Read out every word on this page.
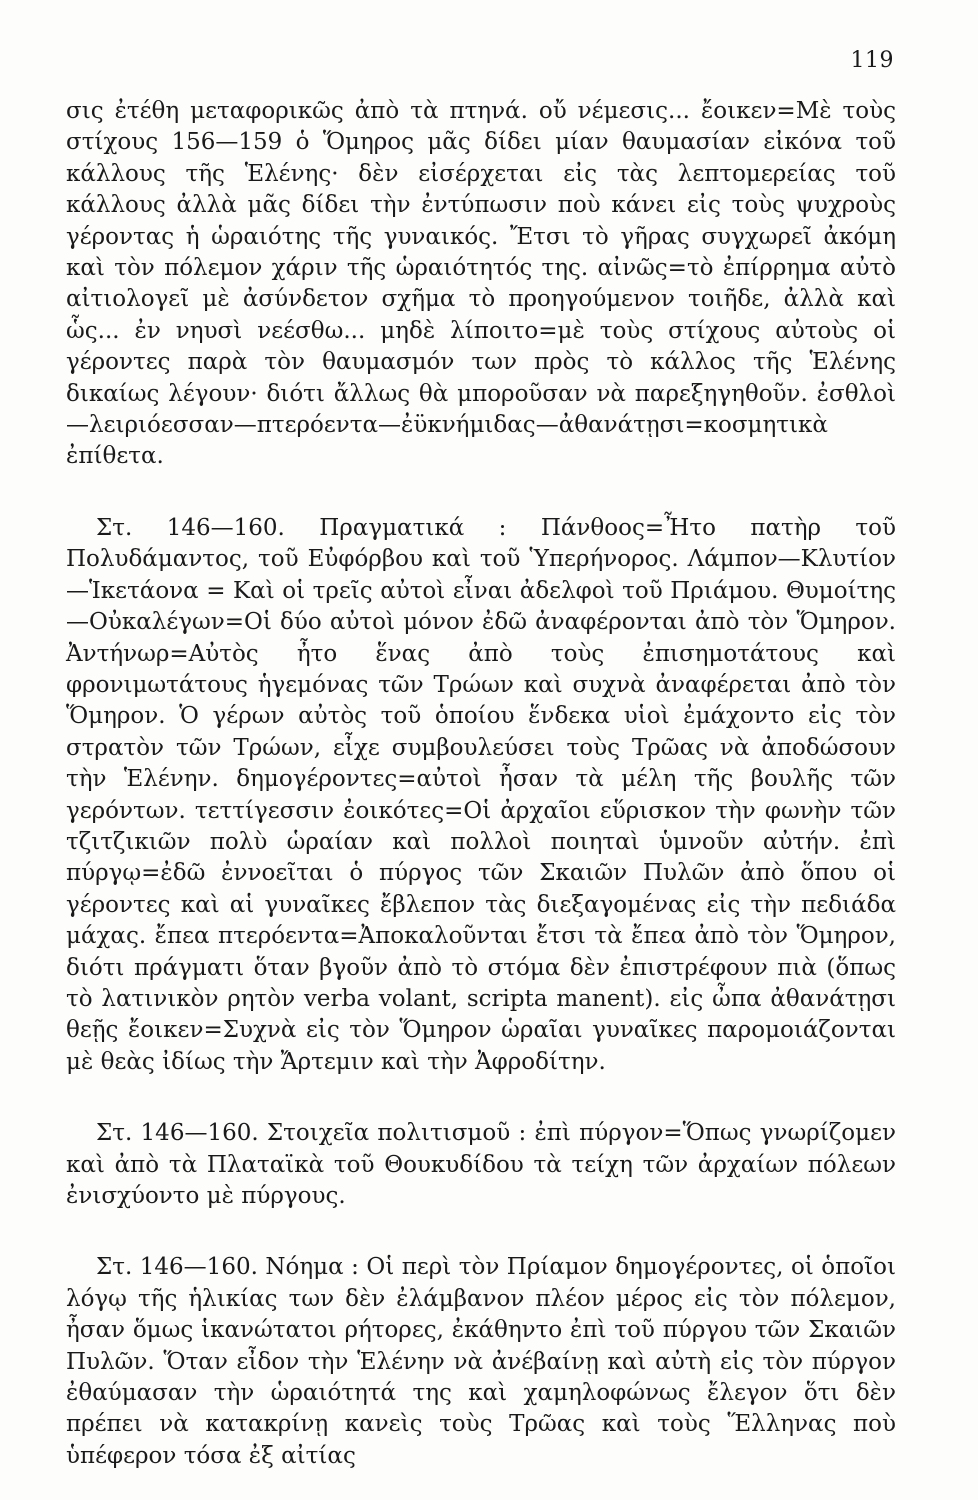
119

σις ἐτέθη μεταφορικῶς ἀπὸ τὰ πτηνά. οὔ νέμεσις... ἔοικεν=Μὲ τοὺς στίχους 156—159 ὁ Ὅμηρος μᾶς δίδει μίαν θαυμασίαν εἰκόνα τοῦ κάλλους τῆς Ἑλένης· δὲν εἰσέρχεται εἰς τὰς λεπτομερείας τοῦ κάλλους ἀλλὰ μᾶς δίδει τὴν ἐντύπωσιν ποὺ κάνει εἰς τοὺς ψυχροὺς γέροντας ἡ ὡραιότης τῆς γυναικός. Ἔτσι τὸ γῆρας συγχωρεῖ ἀκόμη καὶ τὸν πόλεμον χάριν τῆς ὡραιότητός της. αἰνῶς=τὸ ἐπίρρημα αὐτὸ αἰτιολογεῖ μὲ ἀσύνδετον σχῆμα τὸ προηγούμενον τοιῆδε, ἀλλὰ καὶ ὧς... ἐν νηυσὶ νεέσθω... μηδὲ λίποιτο=μὲ τοὺς στίχους αὐτοὺς οἱ γέροντες παρὰ τὸν θαυμασμόν των πρὸς τὸ κάλλος τῆς Ἑλένης δικαίως λέγουν· διότι ἄλλως θὰ μποροῦσαν νὰ παρεξηγηθοῦν. ἐσθλοὶ—λειριόεσσαν—πτερόεντα—ἐϋκνήμιδας—ἀθανάτῃσι=κοσμητικὰ ἐπίθετα.

Στ. 146—160. Πραγματικά : Πάνθοος=Ἦτο πατὴρ τοῦ Πολυδάμαντος, τοῦ Εὐφόρβου καὶ τοῦ Ὑπερήνορος. Λάμπον—Κλυτίον—Ἱκετάονα = Καὶ οἱ τρεῖς αὐτοὶ εἶναι ἀδελφοὶ τοῦ Πριάμου. Θυμοίτης—Οὐκαλέγων=Οἱ δύο αὐτοὶ μόνον ἐδῶ ἀναφέρονται ἀπὸ τὸν Ὅμηρον. Ἀντήνωρ=Αὐτὸς ἦτο ἕνας ἀπὸ τοὺς ἐπισημοτάτους καὶ φρονιμωτάτους ἡγεμόνας τῶν Τρώων καὶ συχνὰ ἀναφέρεται ἀπὸ τὸν Ὅμηρον. Ὁ γέρων αὐτὸς τοῦ ὁποίου ἕνδεκα υἱοὶ ἐμάχοντο εἰς τὸν στρατὸν τῶν Τρώων, εἶχε συμβουλεύσει τοὺς Τρῶας νὰ ἀποδώσουν τὴν Ἑλένην. δημογέροντες=αὐτοὶ ἦσαν τὰ μέλη τῆς βουλῆς τῶν γερόντων. τεττίγεσσιν ἐοικότες=Οἱ ἀρχαῖοι εὕρισκον τὴν φωνὴν τῶν τζιτζικιῶν πολὺ ὡραίαν καὶ πολλοὶ ποιηταὶ ὑμνοῦν αὐτήν. ἐπὶ πύργῳ=ἐδῶ ἐννοεῖται ὁ πύργος τῶν Σκαιῶν Πυλῶν ἀπὸ ὅπου οἱ γέροντες καὶ αἱ γυναῖκες ἔβλεπον τὰς διεξαγομένας εἰς τὴν πεδιάδα μάχας. ἔπεα πτερόεντα=Ἀποκαλοῦνται ἔτσι τὰ ἔπεα ἀπὸ τὸν Ὅμηρον, διότι πράγματι ὅταν βγοῦν ἀπὸ τὸ στόμα δὲν ἐπιστρέφουν πιὰ (ὅπως τὸ λατινικὸν ρητὸν verba volant, scripta manent). εἰς ὦπα ἀθανάτῃσι θεῇς ἔοικεν=Συχνὰ εἰς τὸν Ὅμηρον ὡραῖαι γυναῖκες παρομοιάζονται μὲ θεὰς ἰδίως τὴν Ἄρτεμιν καὶ τὴν Ἀφροδίτην.

Στ. 146—160. Στοιχεῖα πολιτισμοῦ : ἐπὶ πύργον=Ὅπως γνωρίζομεν καὶ ἀπὸ τὰ Πλαταϊκὰ τοῦ Θουκυδίδου τὰ τείχη τῶν ἀρχαίων πόλεων ἐνισχύοντο μὲ πύργους.

Στ. 146—160. Νόημα : Οἱ περὶ τὸν Πρίαμον δημογέροντες, οἱ ὁποῖοι λόγῳ τῆς ἡλικίας των δὲν ἐλάμβανον πλέον μέρος εἰς τὸν πόλεμον, ἦσαν ὅμως ἱκανώτατοι ρήτορες, ἐκάθηντο ἐπὶ τοῦ πύργου τῶν Σκαιῶν Πυλῶν. Ὅταν εἶδον τὴν Ἑλένην νὰ ἀνέβαίνῃ καὶ αὐτὴ εἰς τὸν πύργον ἐθαύμασαν τὴν ὡραιότητά της καὶ χαμηλοφώνως ἔλεγον ὅτι δὲν πρέπει νὰ κατακρίνῃ κανεὶς τοὺς Τρῶας καὶ τοὺς Ἕλληνας ποὺ ὑπέφερον τόσα ἐξ αἰτίας
